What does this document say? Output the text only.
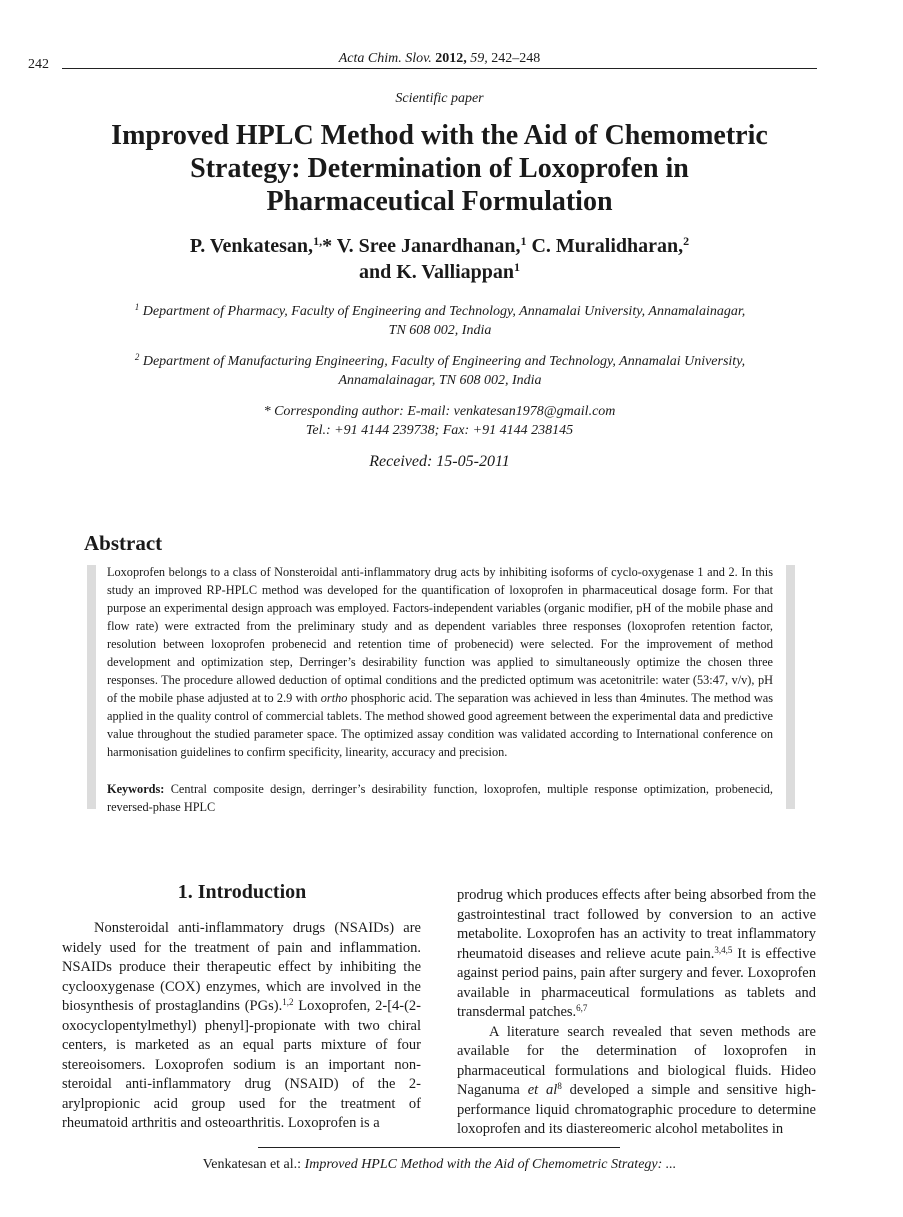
242	Acta Chim. Slov. 2012, 59, 242–248
Scientific paper
Improved HPLC Method with the Aid of Chemometric
Strategy: Determination of Loxoprofen in
Pharmaceutical Formulation
P. Venkatesan,$^{1,}$* V. Sree Janardhanan,$^1$ C. Muralidharan,$^2$
and K. Valliappan$^1$

$^1$ Department of Pharmacy, Faculty of Engineering and Technology, Annamalai University, Annamalainagar,
TN 608 002, India

$^2$ Department of Manufacturing Engineering, Faculty of Engineering and Technology, Annamalai University,
Annamalainagar, TN 608 002, India

* Corresponding author: E-mail: venkatesan1978@gmail.com
Tel.: +91 4144 239738; Fax: +91 4144 238145
Received: 15-05-2011
Abstract

Loxoprofen belongs to a class of Nonsteroidal anti-inflammatory drug acts by inhibiting isoforms of cyclo-oxygenase 1 and 2. In this study an improved RP-HPLC method was developed for the quantification of loxoprofen in pharmaceutical dosage form. For that purpose an experimental design approach was employed. Factors-independent variables (organic modifier, pH of the mobile phase and flow rate) were extracted from the preliminary study and as dependent variables three responses (loxoprofen retention factor, resolution between loxoprofen probenecid and retention time of probenecid) were selected. For the improvement of method development and optimization step, Derringer’s desirability function was applied to simultaneously optimize the chosen three responses. The procedure allowed deduction of optimal conditions and the predicted optimum was acetonitrile: water (53:47, v/v), pH of the mobile phase adjusted at to 2.9 with ortho phosphoric acid. The separation was achieved in less than 4minutes. The method was applied in the quality control of commercial tablets. The method showed good agreement between the experimental data and predictive value throughout the studied parameter space. The optimized assay condition was validated according to International conference on harmonisation guidelines to confirm specificity, linearity, accuracy and precision.

Keywords: Central composite design, derringer’s desirability function, loxoprofen, multiple response optimization, probenecid, reversed-phase HPLC

1. Introduction

Nonsteroidal anti-inflammatory drugs (NSAIDs) are widely used for the treatment of pain and inflammation. NSAIDs produce their therapeutic effect by inhibiting the cyclooxygenase (COX) enzymes, which are involved in the biosynthesis of prostaglandins (PGs).$^{1,2}$ Loxoprofen, 2-[4-(2-oxocyclopentylmethyl) phenyl]-propionate with two chiral centers, is marketed as an equal parts mixture of four stereoisomers. Loxoprofen sodium is an important non-steroidal anti-inflammatory drug (NSAID) of the 2-arylpropionic acid group used for the treatment of rheumatoid arthritis and osteoarthritis. Loxoprofen is a

prodrug which produces effects after being absorbed from the gastrointestinal tract followed by conversion to an active metabolite. Loxoprofen has an activity to treat inflammatory rheumatoid diseases and relieve acute pain.$^{3,4,5}$ It is effective against period pains, pain after surgery and fever. Loxoprofen available in pharmaceutical formulations as tablets and transdermal patches.$^{6,7}$

A literature search revealed that seven methods are available for the determination of loxoprofen in pharmaceutical formulations and biological fluids. Hideo Naganuma et $al^8$ developed a simple and sensitive high-performance liquid chromatographic procedure to determine loxoprofen and its diastereomeric alcohol metabolites in

Venkatesan et al.: Improved HPLC Method with the Aid of Chemometric Strategy: ...
